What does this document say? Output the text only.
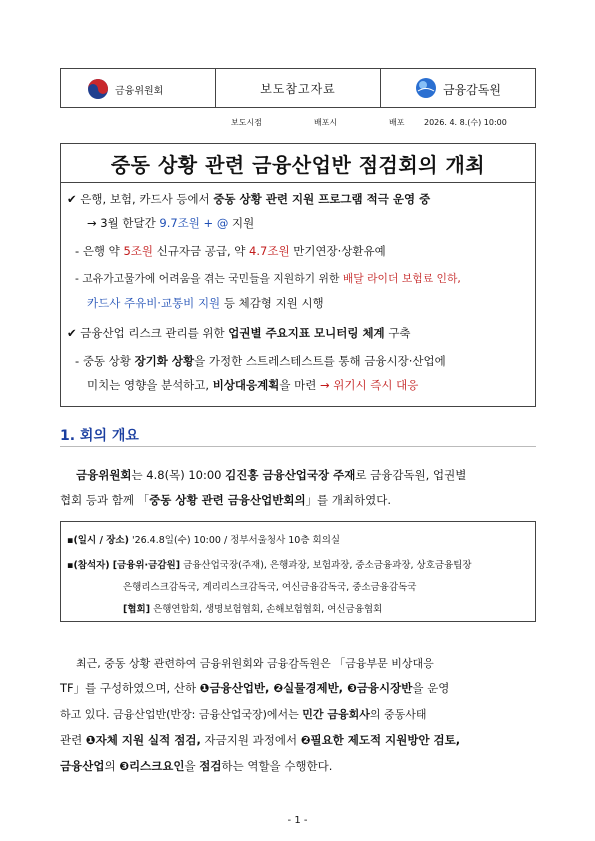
금융위원회	보도참고자료	금융감독원
보도시점	배포시	배포 2026. 4. 8.(수) 10:00
중동 상황 관련 금융산업반 점검회의 개최
✔ 은행, 보험, 카드사 등에서 중동 상황 관련 지원 프로그램 적극 운영 중
→ 3월 한달간 9.7조원 + @ 지원
- 은행 약 5조원 신규자금 공급, 약 4.7조원 만기연장·상환유예
- 고유가고물가에 어려움을 겪는 국민들을 지원하기 위한 배달 라이더 보험료 인하,
카드사 주유비·교통비 지원 등 체감형 지원 시행
✔ 금융산업 리스크 관리를 위한 업권별 주요지표 모니터링 체계 구축
- 중동 상황 장기화 상황을 가정한 스트레스테스트를 통해 금융시장·산업에
미치는 영향을 분석하고, 비상대응계획을 마련 → 위기시 즉시 대응
1. 회의 개요
금융위원회는 4.8(목) 10:00 김진홍 금융산업국장 주재로 금융감독원, 업권별
협회 등과 함께 「중동 상황 관련 금융산업반회의」를 개최하였다.
▪(일시 / 장소) '26.4.8일(수) 10:00 / 정부서울청사 10층 회의실
▪(참석자) [금융위·금감원] 금융산업국장(주재), 은행과장, 보험과장, 중소금융과장, 상호금융팀장
은행리스크감독국, 계리리스크감독국, 여신금융감독국, 중소금융감독국
[협회] 은행연합회, 생명보험협회, 손해보험협회, 여신금융협회
최근, 중동 상황 관련하여 금융위원회와 금융감독원은 「금융부문 비상대응
TF」를 구성하였으며, 산하 ❶금융산업반, ❷실물경제반, ❸금융시장반을 운영
하고 있다. 금융산업반(반장: 금융산업국장)에서는 민간 금융회사의 중동사태
관련 ❶자체 지원 실적 점검, 자금지원 과정에서 ❷필요한 제도적 지원방안 검토,
금융산업의 ❸리스크요인을 점검하는 역할을 수행한다.
- 1 -
